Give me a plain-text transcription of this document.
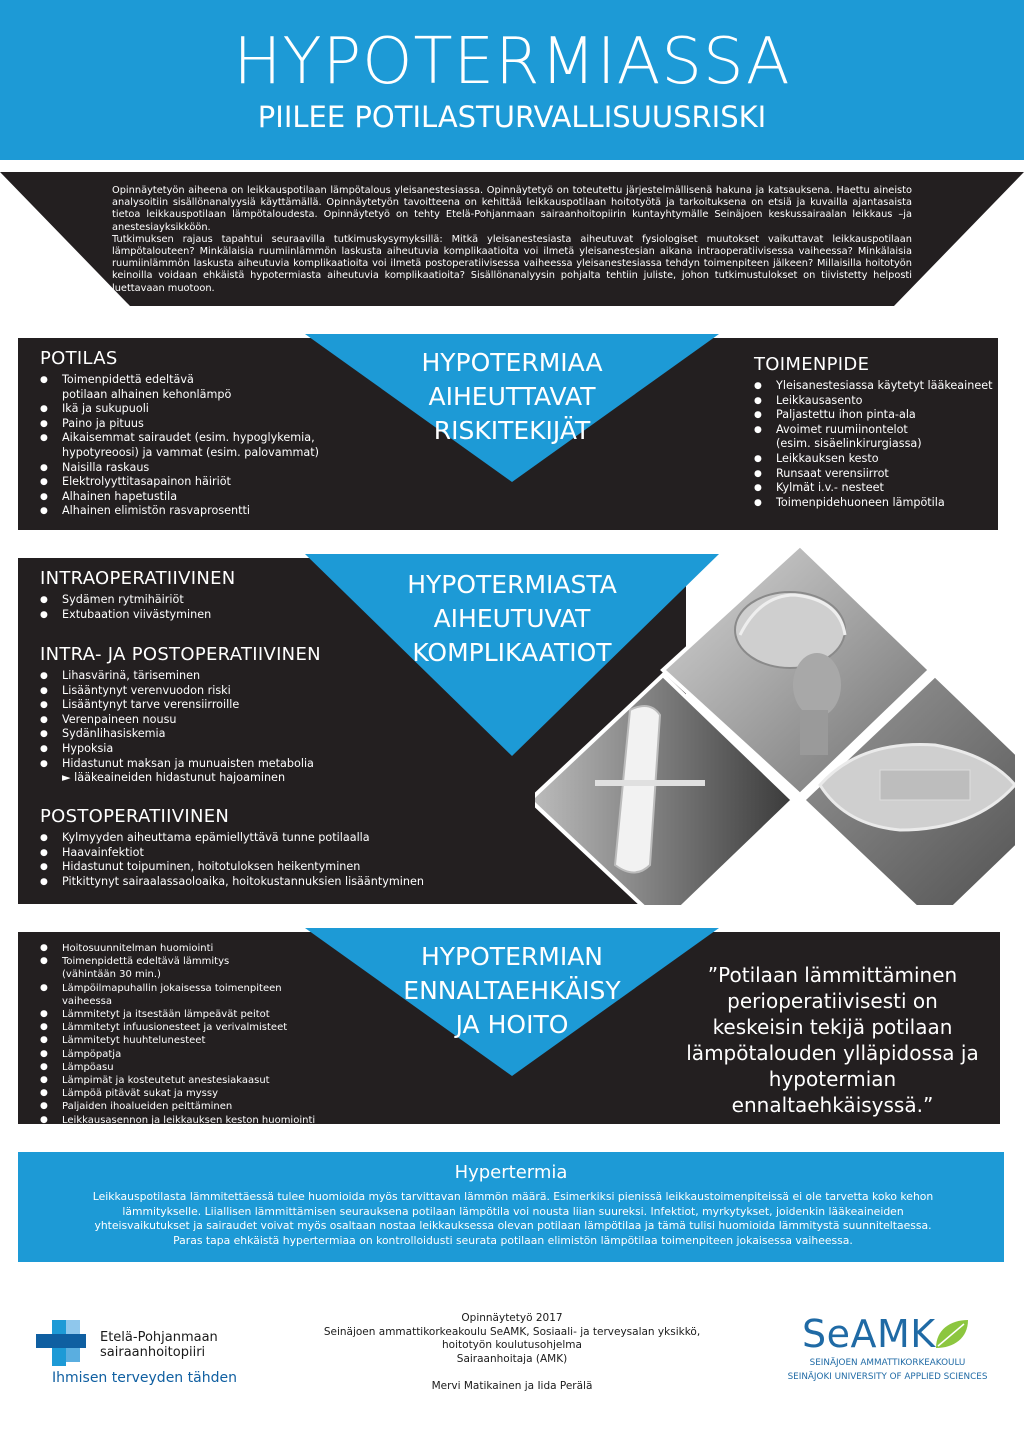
HYPOTERMIASSA
PIILEE POTILASTURVALLISUUSRISKI

Opinnäytetyön aiheena on leikkauspotilaan lämpötalous yleisanestesiassa. Opinnäytetyö on toteutettu järjestelmällisenä hakuna ja katsauksena. Haettu aineisto analysoitiin sisällönanalyysiä käyttämällä. Opinnäytetyön tavoitteena on kehittää leikkauspotilaan hoitotyötä ja tarkoituksena on etsiä ja kuvailla ajantasaista tietoa leikkauspotilaan lämpötaloudesta. Opinnäytetyö on tehty Etelä-Pohjanmaan sairaanhoitopiirin kuntayhtymälle Seinäjoen keskussairaalan leikkaus –ja anestesiayksikköön.

Tutkimuksen rajaus tapahtui seuraavilla tutkimuskysymyksillä: Mitkä yleisanestesiasta aiheutuvat fysiologiset muutokset vaikuttavat leikkauspotilaan lämpötalouteen? Minkälaisia ruumiinlämmön laskusta aiheutuvia komplikaatioita voi ilmetä yleisanestesian aikana intraoperatiivisessa vaiheessa? Minkälaisia ruumiinlämmön laskusta aiheutuvia komplikaatioita voi ilmetä postoperatiivisessa vaiheessa yleisanestesiassa tehdyn toimenpiteen jälkeen? Millaisilla hoitotyön keinoilla voidaan ehkäistä hypotermiasta aiheutuvia komplikaatioita? Sisällönanalyysin pohjalta tehtiin juliste, johon tutkimustulokset on tiivistetty helposti luettavaan muotoon.

HYPOTERMIAA
AIHEUTTAVAT
RISKITEKIJÄT
POTILAS
● Toimenpidettä edeltävä potilaan alhainen kehonlämpö
● Ikä ja sukupuoli
● Paino ja pituus
● Aikaisemmat sairaudet (esim. hypoglykemia, hypotyreoosi) ja vammat (esim. palovammat)
● Naisilla raskaus
● Elektrolyyttitasapainon häiriöt
● Alhainen hapetustila
● Alhainen elimistön rasvaprosentti
TOIMENPIDE
● Yleisanestesiassa käytetyt lääkeaineet
● Leikkausasento
● Paljastettu ihon pinta-ala
● Avoimet ruumiinontelot (esim. sisäelinkirurgiassa)
● Leikkauksen kesto
● Runsaat verensiirrot
● Kylmät i.v.- nesteet
● Toimenpidehuoneen lämpötila
HYPOTERMIASTA
AIHEUTUVAT
KOMPLIKAATIOT
INTRAOPERATIIVINEN
● Sydämen rytmihäiriöt
● Extubaation viivästyminen
INTRA- JA POSTOPERATIIVINEN
● Lihasvärinä, täriseminen
● Lisääntynyt verenvuodon riski
● Lisääntynyt tarve verensiirroille
● Verenpaineen nousu
● Sydänlihasiskemia
● Hypoksia
● Hidastunut maksan ja munuaisten metabolia ► lääkeaineiden hidastunut hajoaminen
POSTOPERATIIVINEN
● Kylmyyden aiheuttama epämiellyttävä tunne potilaalla
● Haavainfektiot
● Hidastunut toipuminen, hoitotuloksen heikentyminen
● Pitkittynyt sairaalassaoloaika, hoitokustannuksien lisääntyminen
HYPOTERMIAN
ENNALTAEHKÄISY
JA HOITO
● Hoitosuunnitelman huomiointi
● Toimenpidettä edeltävä lämmitys (vähintään 30 min.)
● Lämpöilmapuhallin jokaisessa toimenpiteen vaiheessa
● Lämmitetyt ja itsestään lämpeävät peitot
● Lämmitetyt infuusionesteet ja verivalmisteet
● Lämmitetyt huuhtelunesteet
● Lämpöpatja
● Lämpöasu
● Lämpimät ja kosteutetut anestesiakaasut
● Lämpöä pitävät sukat ja myssy
● Paljaiden ihoalueiden peittäminen
● Leikkausasennon ja leikkauksen keston huomiointi
”Potilaan lämmittäminen perioperatiivisesti on keskeisin tekijä potilaan lämpötalouden ylläpidossa ja hypotermian ennaltaehkäisyssä.”
Hypertermia
Leikkauspotilasta lämmitettäessä tulee huomioida myös tarvittavan lämmön määrä. Esimerkiksi pienissä leikkaustoimenpiteissä ei ole tarvetta koko kehon lämmitykselle. Liiallisen lämmittämisen seurauksena potilaan lämpötila voi nousta liian suureksi. Infektiot, myrkytykset, joidenkin lääkeaineiden yhteisvaikutukset ja sairaudet voivat myös osaltaan nostaa leikkauksessa olevan potilaan lämpötilaa ja tämä tulisi huomioida lämmitystä suunniteltaessa. Paras tapa ehkäistä hypertermiaa on kontrolloidusti seurata potilaan elimistön lämpötilaa toimenpiteen jokaisessa vaiheessa.
Etelä-Pohjanmaan
sairaanhoitopiiri
Ihmisen terveyden tähden

Opinnäytetyö 2017

Seinäjoen ammattikorkeakoulu SeAMK, Sosiaali- ja terveysalan yksikkö,

hoitotyön koulutusohjelma

Sairaanhoitaja (AMK)

Mervi Matikainen ja Iida Perälä

SeAMK
SEINÄJOEN AMMATTIKORKEAKOULU
SEINÄJOKI UNIVERSITY OF APPLIED SCIENCES
